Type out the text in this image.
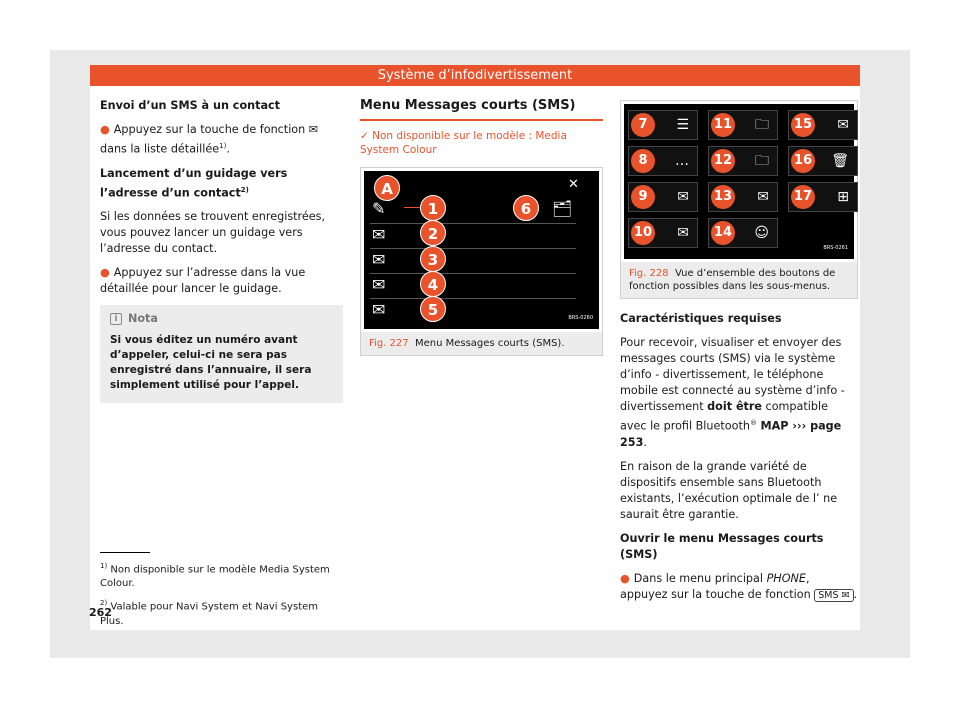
Système d’infodivertissement
Envoi d’un SMS à un contact
● Appuyez sur la touche de fonction ✉ dans la liste détaillée$^{1)}$.
Lancement d’un guidage vers l’adresse d’un contact$^{2)}$
Si les données se trouvent enregistrées, vous pouvez lancer un guidage vers l’adresse du contact.
● Appuyez sur l’adresse dans la vue détaillée pour lancer le guidage.
i Nota
Si vous éditez un numéro avant d’appeler, celui-ci ne sera pas enregistré dans l’annuaire, il sera simplement utilisé pour l’appel.
Menu Messages courts (SMS)
✓ Non disponible sur le modèle : Media System Colour
A	✕
✎	1	6	🗂
✉	2
✉	3
✉	4
✉	5	BRS-0260
Fig. 227 Menu Messages courts (SMS).
7	☰
8	…
9	✉
10 ✉
11 🗀
12 🗀
13 ✉
14 ☺
15 ✉
16 🗑
17 ⊞
BRS-0261
Fig. 228 Vue d’ensemble des boutons de fonction possibles dans les sous-menus.
Caractéristiques requises
Pour recevoir, visualiser et envoyer des messages courts (SMS) via le système d’info - divertissement, le téléphone mobile est connecté au système d’info - divertissement doit être compatible avec le profil Bluetooth® MAP ››› page 253.
En raison de la grande variété de dispositifs ensemble sans Bluetooth existants, l’exécution optimale de l’ ne saurait être garantie.
Ouvrir le menu Messages courts (SMS)
● Dans le menu principal PHONE, appuyez sur la touche de fonction SMS ✉ .
$^{1)}$ Non disponible sur le modèle Media System Colour.
$^{2)}$ Valable pour Navi System et Navi System Plus.
262
